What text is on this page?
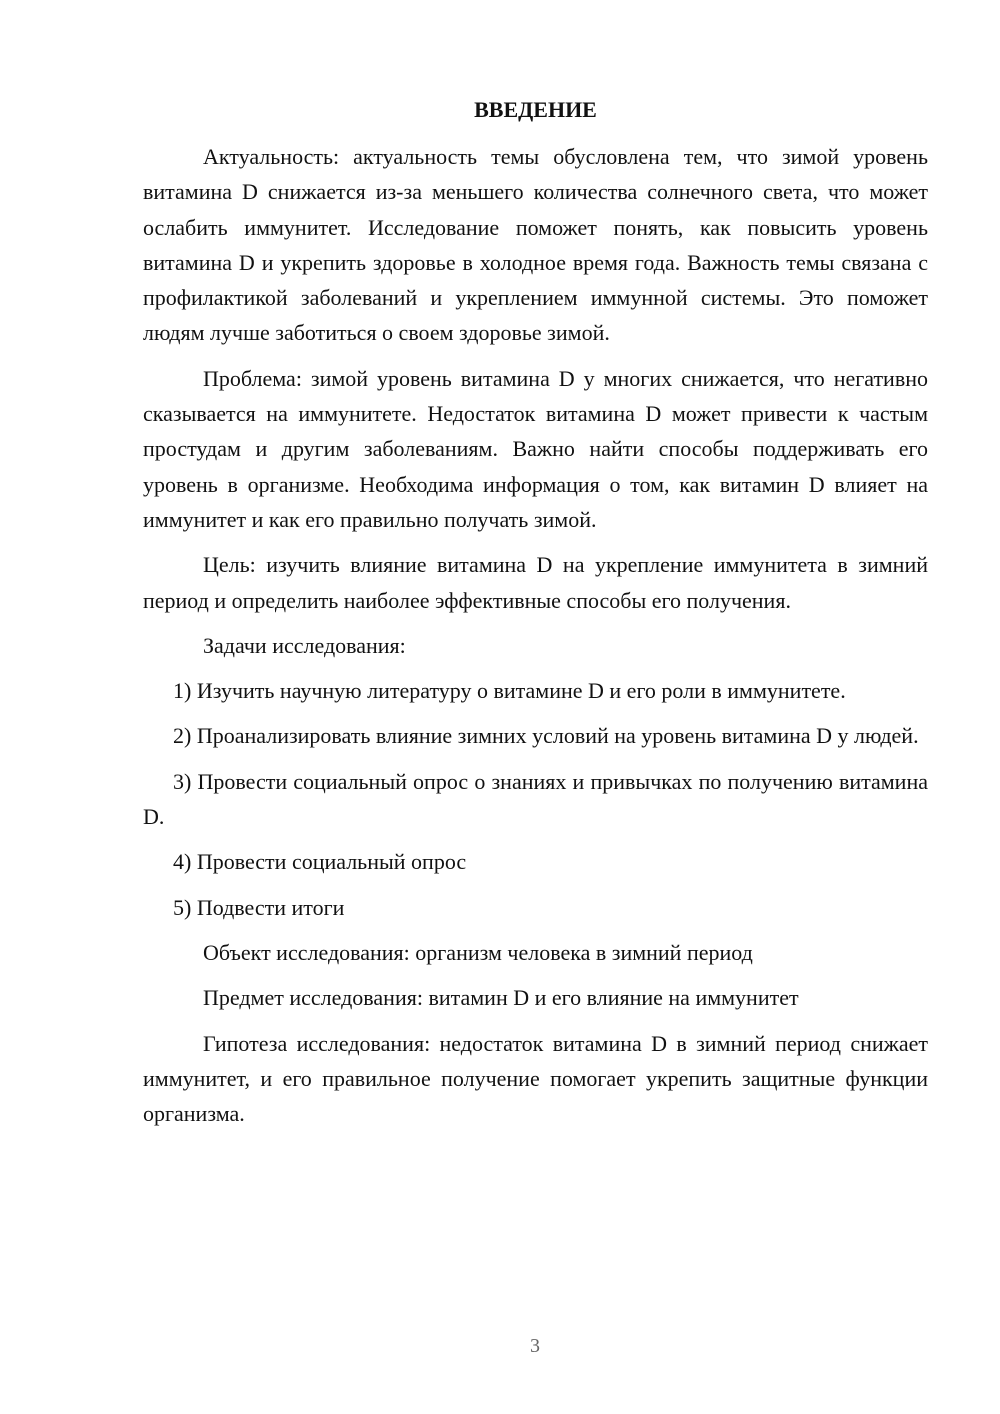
ВВЕДЕНИЕ

Актуальность: актуальность темы обусловлена тем, что зимой уровень витамина D снижается из-за меньшего количества солнечного света, что может ослабить иммунитет. Исследование поможет понять, как повысить уровень витамина D и укрепить здоровье в холодное время года. Важность темы связана с профилактикой заболеваний и укреплением иммунной системы. Это поможет людям лучше заботиться о своем здоровье зимой.

Проблема: зимой уровень витамина D у многих снижается, что негативно сказывается на иммунитете. Недостаток витамина D может привести к частым простудам и другим заболеваниям. Важно найти способы поддерживать его уровень в организме. Необходима информация о том, как витамин D влияет на иммунитет и как его правильно получать зимой.

Цель: изучить влияние витамина D на укрепление иммунитета в зимний период и определить наиболее эффективные способы его получения.

Задачи исследования:

1) Изучить научную литературу о витамине D и его роли в иммунитете.

2) Проанализировать влияние зимних условий на уровень витамина D у людей.

3) Провести социальный опрос о знаниях и привычках по получению витамина D.

4) Провести социальный опрос

5) Подвести итоги

Объект исследования: организм человека в зимний период

Предмет исследования: витамин D и его влияние на иммунитет

Гипотеза исследования: недостаток витамина D в зимний период снижает иммунитет, и его правильное получение помогает укрепить защитные функции организма.

3
